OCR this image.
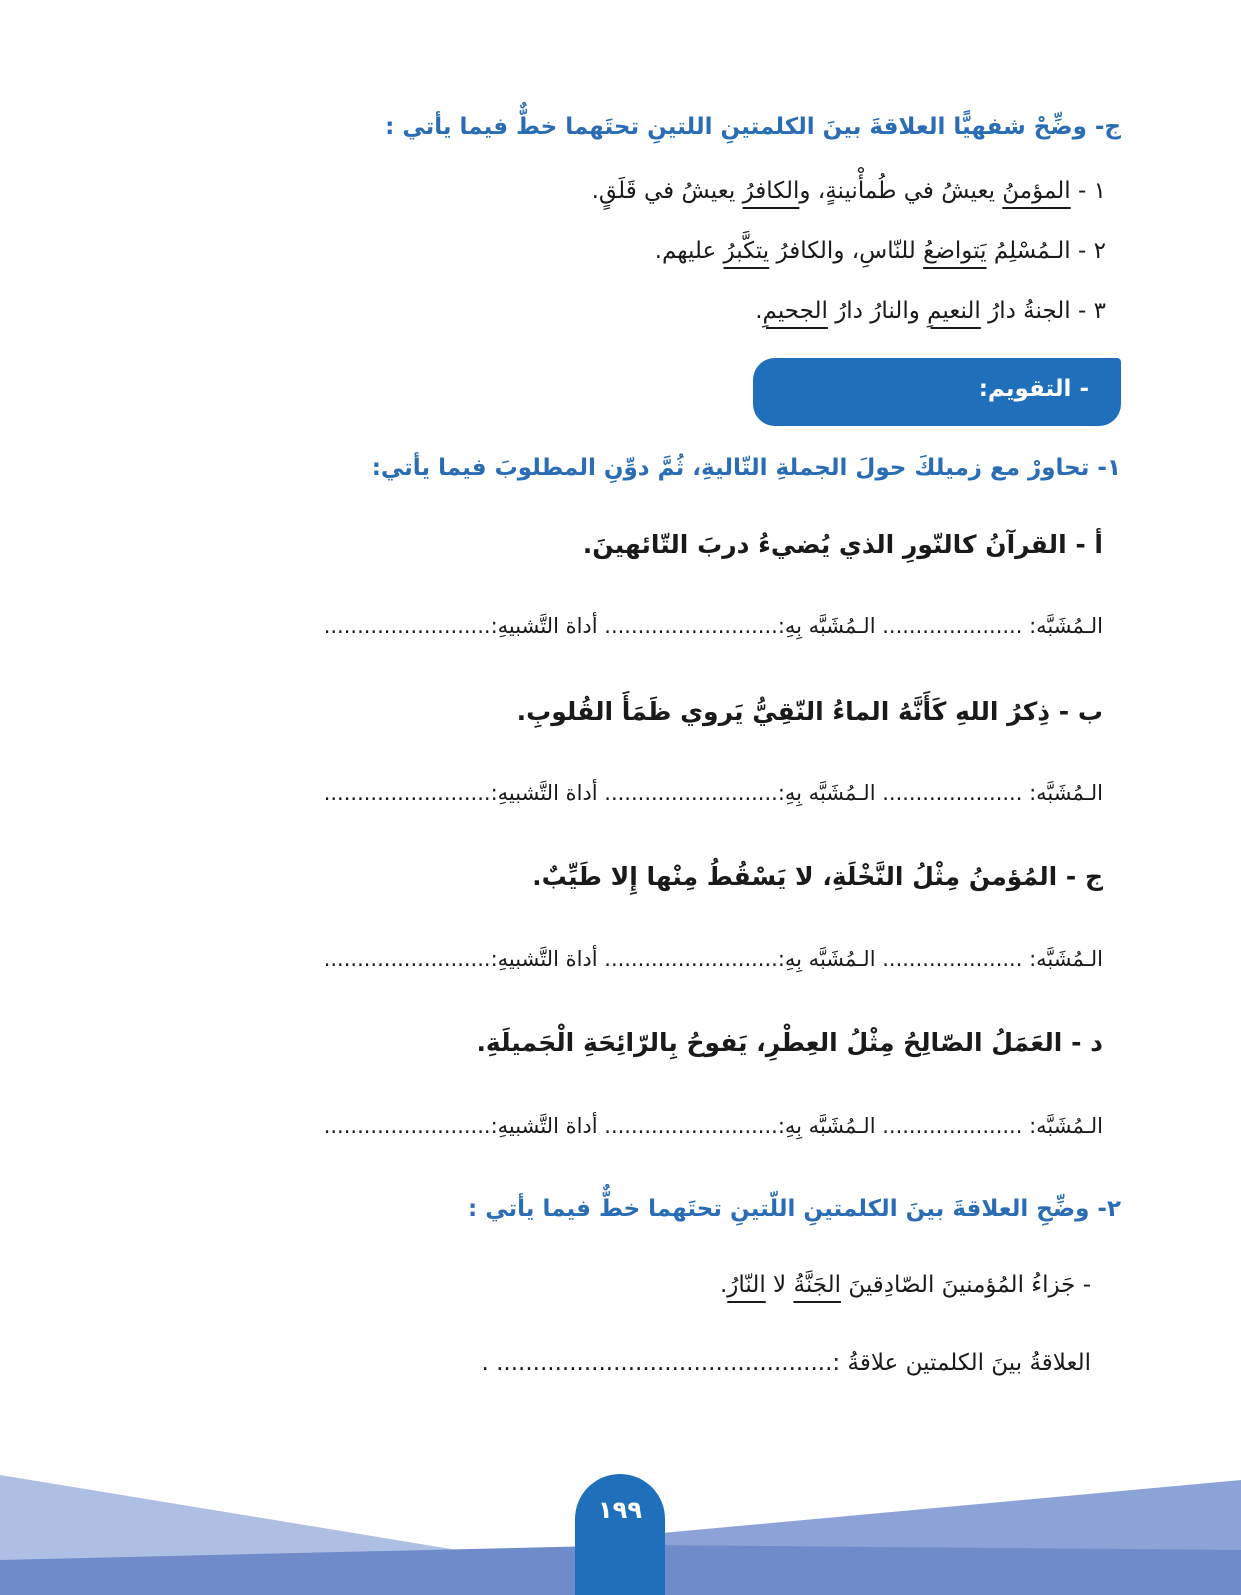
ج- وضِّحْ شفهيًّا العلاقةَ بينَ الكلمتينِ اللتينِ تحتَهما خطٌّ فيما يأتي :
١ - المؤمنُ يعيشُ في طُمأْنينةٍ، والكافرُ يعيشُ في قَلَقٍ.
٢ - الـمُسْلِمُ يَتواضعُ للنّاسِ، والكافرُ يتكَّبرُ عليهم.
٣ - الجنةُ دارُ النعيمِ والنارُ دارُ الجحيمِ.
- التقويم:
١- تحاورْ مع زميلكَ حولَ الجملةِ التّاليةِ، ثُمَّ دوِّنِ المطلوبَ فيما يأتي:
أ - القرآنُ كالنّورِ الذي يُضيءُ دربَ التّائهينَ.
الـمُشَبَّه: ..................... الـمُشَبَّه بِهِ:.......................... أداة التَّشبيهِ:.........................
ب - ذِكرُ اللهِ كَأَنَّهُ الماءُ النّقِيُّ يَروي ظَمَأَ القُلوبِ.
الـمُشَبَّه: ..................... الـمُشَبَّه بِهِ:.......................... أداة التَّشبيهِ:.........................
ج - المُؤمنُ مِثْلُ النَّخْلَةِ، لا يَسْقُطُ مِنْها إِلا طَيِّبٌ.
الـمُشَبَّه: ..................... الـمُشَبَّه بِهِ:.......................... أداة التَّشبيهِ:.........................
د - العَمَلُ الصّالِحُ مِثْلُ العِطْرِ، يَفوحُ بِالرّائِحَةِ الْجَميلَةِ.
الـمُشَبَّه: ..................... الـمُشَبَّه بِهِ:.......................... أداة التَّشبيهِ:.........................
٢- وضِّحِ العلاقةَ بينَ الكلمتينِ اللّتينِ تحتَهما خطٌّ فيما يأتي :
- جَزاءُ المُؤمنينَ الصّادِقينَ الجَنَّةُ لا النّارُ.
العلاقةُ بينَ الكلمتين علاقةُ :.............................................. .
١٩٩
